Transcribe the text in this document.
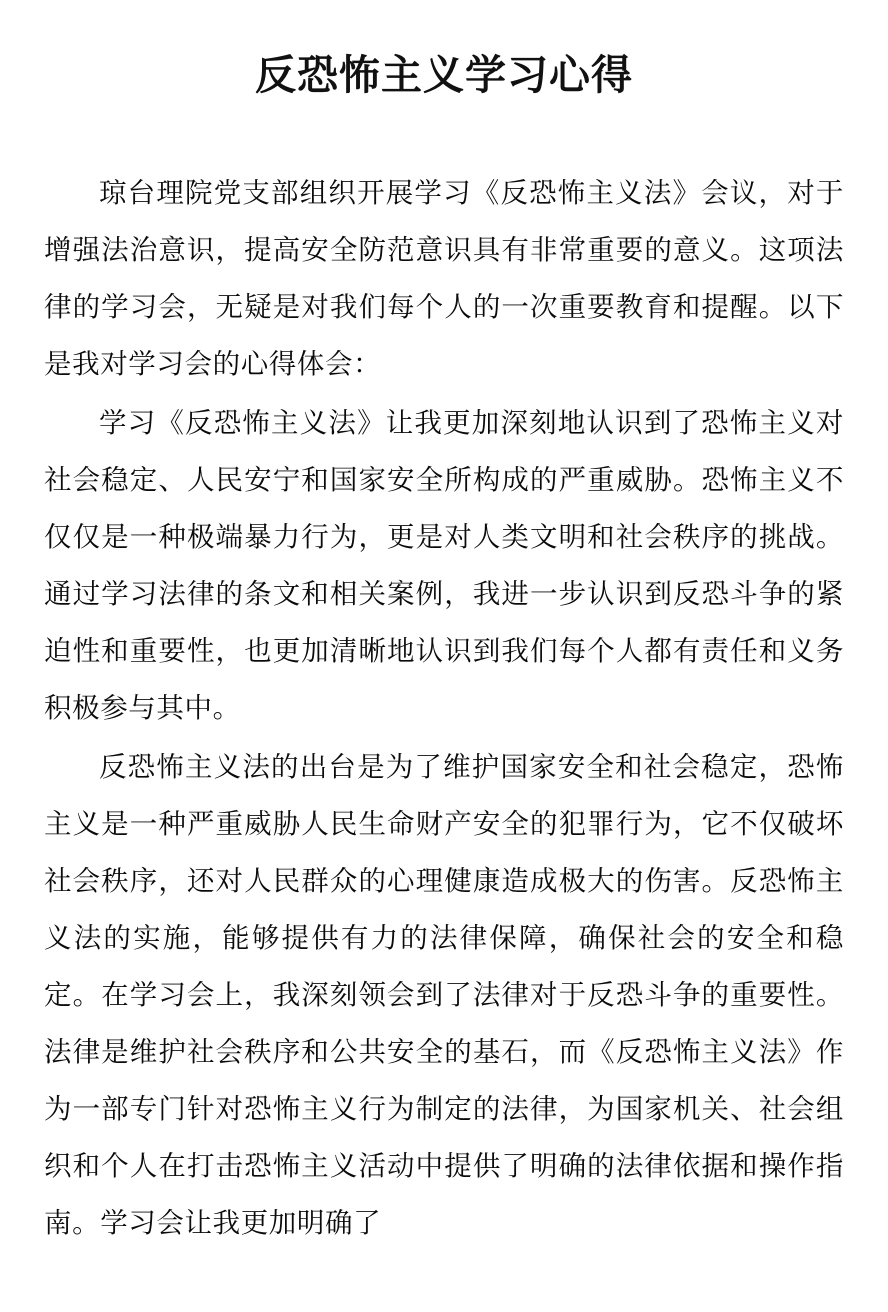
反恐怖主义学习心得

琼台理院党支部组织开展学习《反恐怖主义法》会议，对于增强法治意识，提高安全防范意识具有非常重要的意义。这项法律的学习会，无疑是对我们每个人的一次重要教育和提醒。以下是我对学习会的心得体会：

学习《反恐怖主义法》让我更加深刻地认识到了恐怖主义对社会稳定、人民安宁和国家安全所构成的严重威胁。恐怖主义不仅仅是一种极端暴力行为，更是对人类文明和社会秩序的挑战。通过学习法律的条文和相关案例，我进一步认识到反恐斗争的紧迫性和重要性，也更加清晰地认识到我们每个人都有责任和义务积极参与其中。

反恐怖主义法的出台是为了维护国家安全和社会稳定，恐怖主义是一种严重威胁人民生命财产安全的犯罪行为，它不仅破坏社会秩序，还对人民群众的心理健康造成极大的伤害。反恐怖主义法的实施，能够提供有力的法律保障，确保社会的安全和稳定。在学习会上，我深刻领会到了法律对于反恐斗争的重要性。法律是维护社会秩序和公共安全的基石，而《反恐怖主义法》作为一部专门针对恐怖主义行为制定的法律，为国家机关、社会组织和个人在打击恐怖主义活动中提供了明确的法律依据和操作指南。学习会让我更加明确了
